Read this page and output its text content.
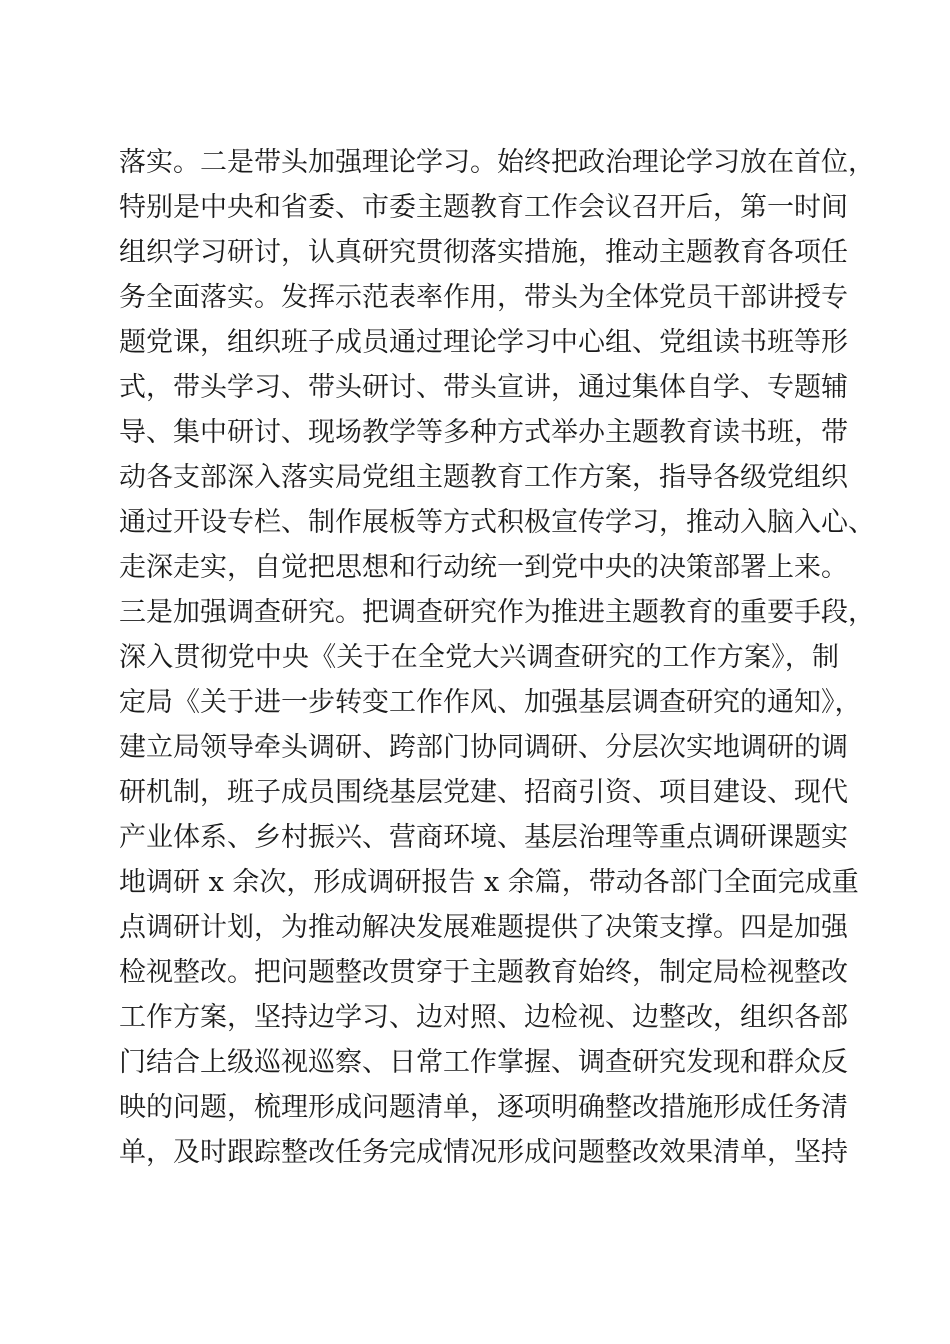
落实。二是带头加强理论学习。始终把政治理论学习放在首位，
特别是中央和省委、市委主题教育工作会议召开后，第一时间
组织学习研讨，认真研究贯彻落实措施，推动主题教育各项任
务全面落实。发挥示范表率作用，带头为全体党员干部讲授专
题党课，组织班子成员通过理论学习中心组、党组读书班等形
式，带头学习、带头研讨、带头宣讲，通过集体自学、专题辅
导、集中研讨、现场教学等多种方式举办主题教育读书班，带
动各支部深入落实局党组主题教育工作方案，指导各级党组织
通过开设专栏、制作展板等方式积极宣传学习，推动入脑入心、
走深走实，自觉把思想和行动统一到党中央的决策部署上来。
三是加强调查研究。把调查研究作为推进主题教育的重要手段，
深入贯彻党中央《关于在全党大兴调查研究的工作方案》，制
定局《关于进一步转变工作作风、加强基层调查研究的通知》，
建立局领导牵头调研、跨部门协同调研、分层次实地调研的调
研机制，班子成员围绕基层党建、招商引资、项目建设、现代
产业体系、乡村振兴、营商环境、基层治理等重点调研课题实
地调研 x 余次，形成调研报告 x 余篇，带动各部门全面完成重
点调研计划，为推动解决发展难题提供了决策支撑。四是加强
检视整改。把问题整改贯穿于主题教育始终，制定局检视整改
工作方案，坚持边学习、边对照、边检视、边整改，组织各部
门结合上级巡视巡察、日常工作掌握、调查研究发现和群众反
映的问题，梳理形成问题清单，逐项明确整改措施形成任务清
单，及时跟踪整改任务完成情况形成问题整改效果清单，坚持
